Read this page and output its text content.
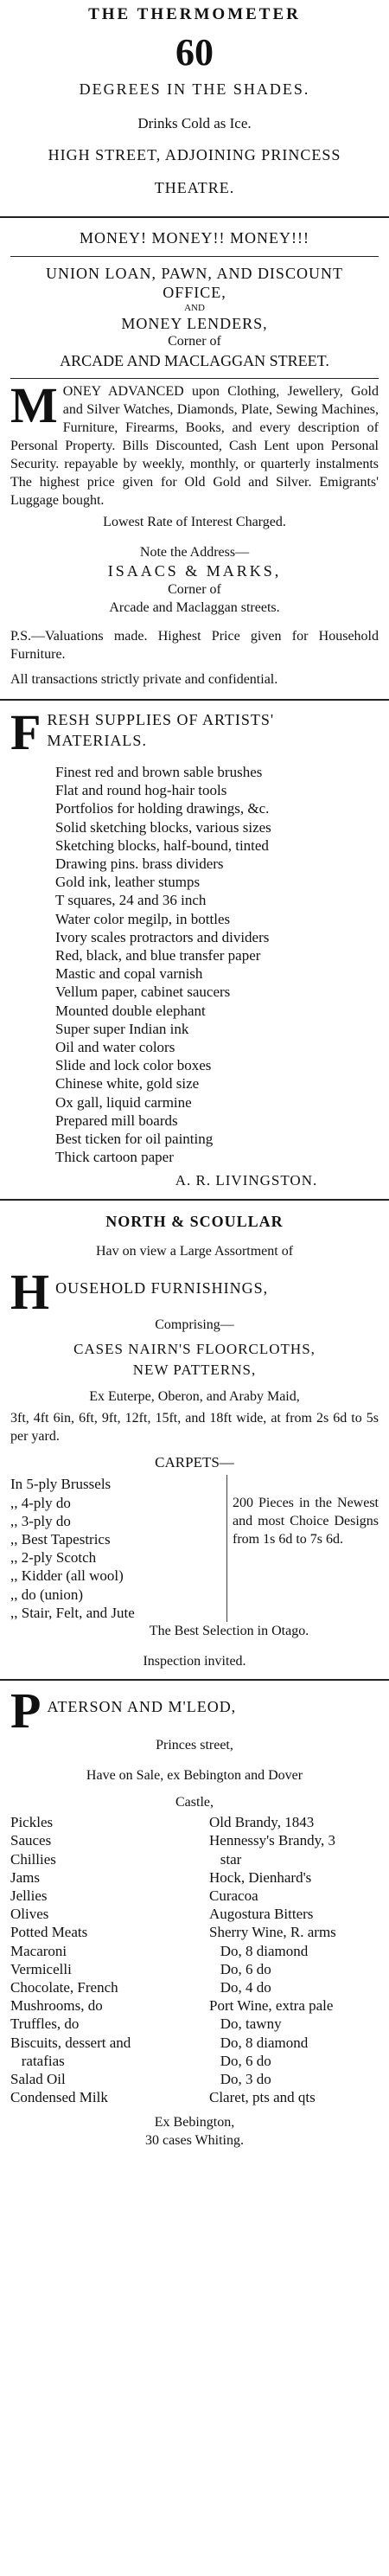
THE THERMOMETER
60
DEGREES IN THE SHADES.
Drinks Cold as Ice.
HIGH STREET, ADJOINING PRINCESS
THEATRE.
MONEY! MONEY!! MONEY!!!
UNION LOAN, PAWN, AND DISCOUNT
OFFICE,
AND
MONEY LENDERS,
Corner of
ARCADE AND MACLAGGAN STREET.
MONEY ADVANCED upon Clothing, Jewellery, Gold and Silver Watches, Diamonds, Plate, Sewing Machines, Furniture, Firearms, Books, and every description of Personal Property. Bills Discounted, Cash Lent upon Personal Security. repayable by weekly, monthly, or quarterly instalments The highest price given for Old Gold and Silver. Emigrants' Luggage bought.
Lowest Rate of Interest Charged.
Note the Address—
ISAACS & MARKS,
Corner of
Arcade and Maclaggan streets.
P.S.—Valuations made. Highest Price given for Household Furniture.
All transactions strictly private and confidential.
FRESH SUPPLIES OF ARTISTS' MATERIALS.
Finest red and brown sable brushes
Flat and round hog-hair tools
Portfolios for holding drawings, &c.
Solid sketching blocks, various sizes
Sketching blocks, half-bound, tinted
Drawing pins. brass dividers
Gold ink, leather stumps
T squares, 24 and 36 inch
Water color megilp, in bottles
Ivory scales protractors and dividers
Red, black, and blue transfer paper
Mastic and copal varnish
Vellum paper, cabinet saucers
Mounted double elephant
Super super Indian ink
Oil and water colors
Slide and lock color boxes
Chinese white, gold size
Ox gall, liquid carmine
Prepared mill boards
Best ticken for oil painting
Thick cartoon paper
A. R. LIVINGSTON.
NORTH & SCOULLAR
Hav on view a Large Assortment of
HOUSEHOLD FURNISHINGS,
Comprising—
CASES NAIRN'S FLOORCLOTHS,
NEW PATTERNS,
Ex Euterpe, Oberon, and Araby Maid,
3ft, 4ft 6in, 6ft, 9ft, 12ft, 15ft, and 18ft wide, at from 2s 6d to 5s per yard.
CARPETS—
In 5-ply Brussels
,, 4-ply do
,, 3-ply do
,, Best Tapestrics
,, 2-ply Scotch
,, Kidder (all wool)
,, do (union)
,, Stair, Felt, and Jute
200 Pieces in the Newest and most Choice Designs from 1s 6d to 7s 6d.
The Best Selection in Otago.
Inspection invited.
PATERSON AND M'LEOD,
Princes street,
Have on Sale, ex Bebington and Dover
Castle,
Pickles
Sauces
Chillies
Jams
Jellies
Olives
Potted Meats
Macaroni
Vermicelli
Chocolate, French
Mushrooms, do
Truffles, do
Biscuits, dessert and
ratafias
Salad Oil
Condensed Milk
Old Brandy, 1843
Hennessy's Brandy, 3
star
Hock, Dienhard's
Curacoa
Augostura Bitters
Sherry Wine, R. arms
Do, 8 diamond
Do, 6 do
Do, 4 do
Port Wine, extra pale
Do, tawny
Do, 8 diamond
Do, 6 do
Do, 3 do
Claret, pts and qts
Ex Bebington,
30 cases Whiting.
